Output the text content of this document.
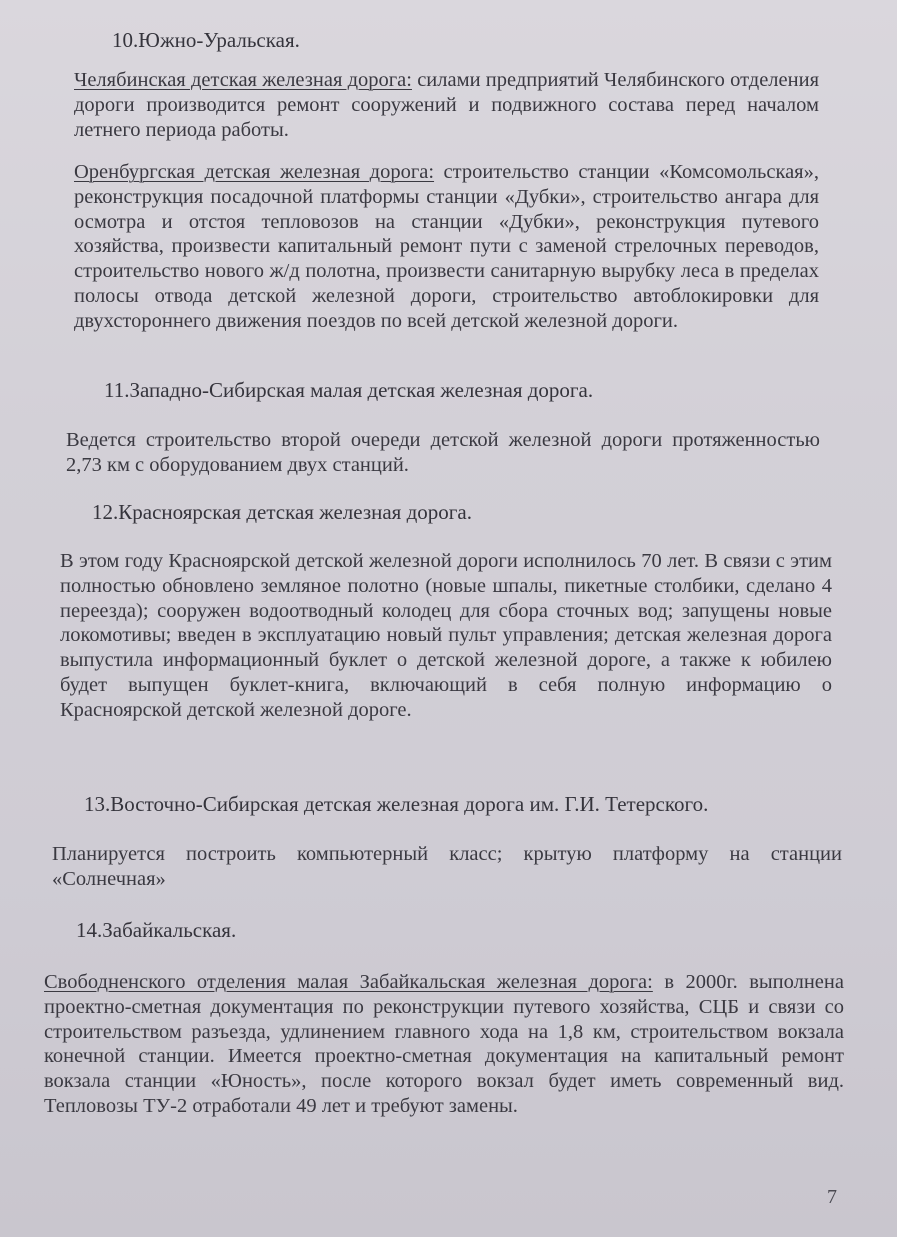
10.Южно-Уральская.

Челябинская детская железная дорога: силами предприятий Челябинского отделения дороги производится ремонт сооружений и подвижного состава перед началом летнего периода работы.

Оренбургская детская железная дорога: строительство станции «Комсомольская», реконструкция посадочной платформы станции «Дубки», строительство ангара для осмотра и отстоя тепловозов на станции «Дубки», реконструкция путевого хозяйства, произвести капитальный ремонт пути с заменой стрелочных переводов, строительство нового ж/д полотна, произвести санитарную вырубку леса в пределах полосы отвода детской железной дороги, строительство автоблокировки для двухстороннего движения поездов по всей детской железной дороги.

11.Западно-Сибирская малая детская железная дорога.

Ведется строительство второй очереди детской железной дороги протяженностью 2,73 км с оборудованием двух станций.

12.Красноярская детская железная дорога.

В этом году Красноярской детской железной дороги исполнилось 70 лет. В связи с этим полностью обновлено земляное полотно (новые шпалы, пикетные столбики, сделано 4 переезда); сооружен водоотводный колодец для сбора сточных вод; запущены новые локомотивы; введен в эксплуатацию новый пульт управления; детская железная дорога выпустила информационный буклет о детской железной дороге, а также к юбилею будет выпущен буклет-книга, включающий в себя полную информацию о Красноярской детской железной дороге.

13.Восточно-Сибирская детская железная дорога им. Г.И. Тетерского.

Планируется построить компьютерный класс; крытую платформу на станции «Солнечная»

14.Забайкальская.

Свободненского отделения малая Забайкальская железная дорога: в 2000г. выполнена проектно-сметная документация по реконструкции путевого хозяйства, СЦБ и связи со строительством разъезда, удлинением главного хода на 1,8 км, строительством вокзала конечной станции. Имеется проектно-сметная документация на капитальный ремонт вокзала станции «Юность», после которого вокзал будет иметь современный вид. Тепловозы ТУ-2 отработали 49 лет и требуют замены.

7
